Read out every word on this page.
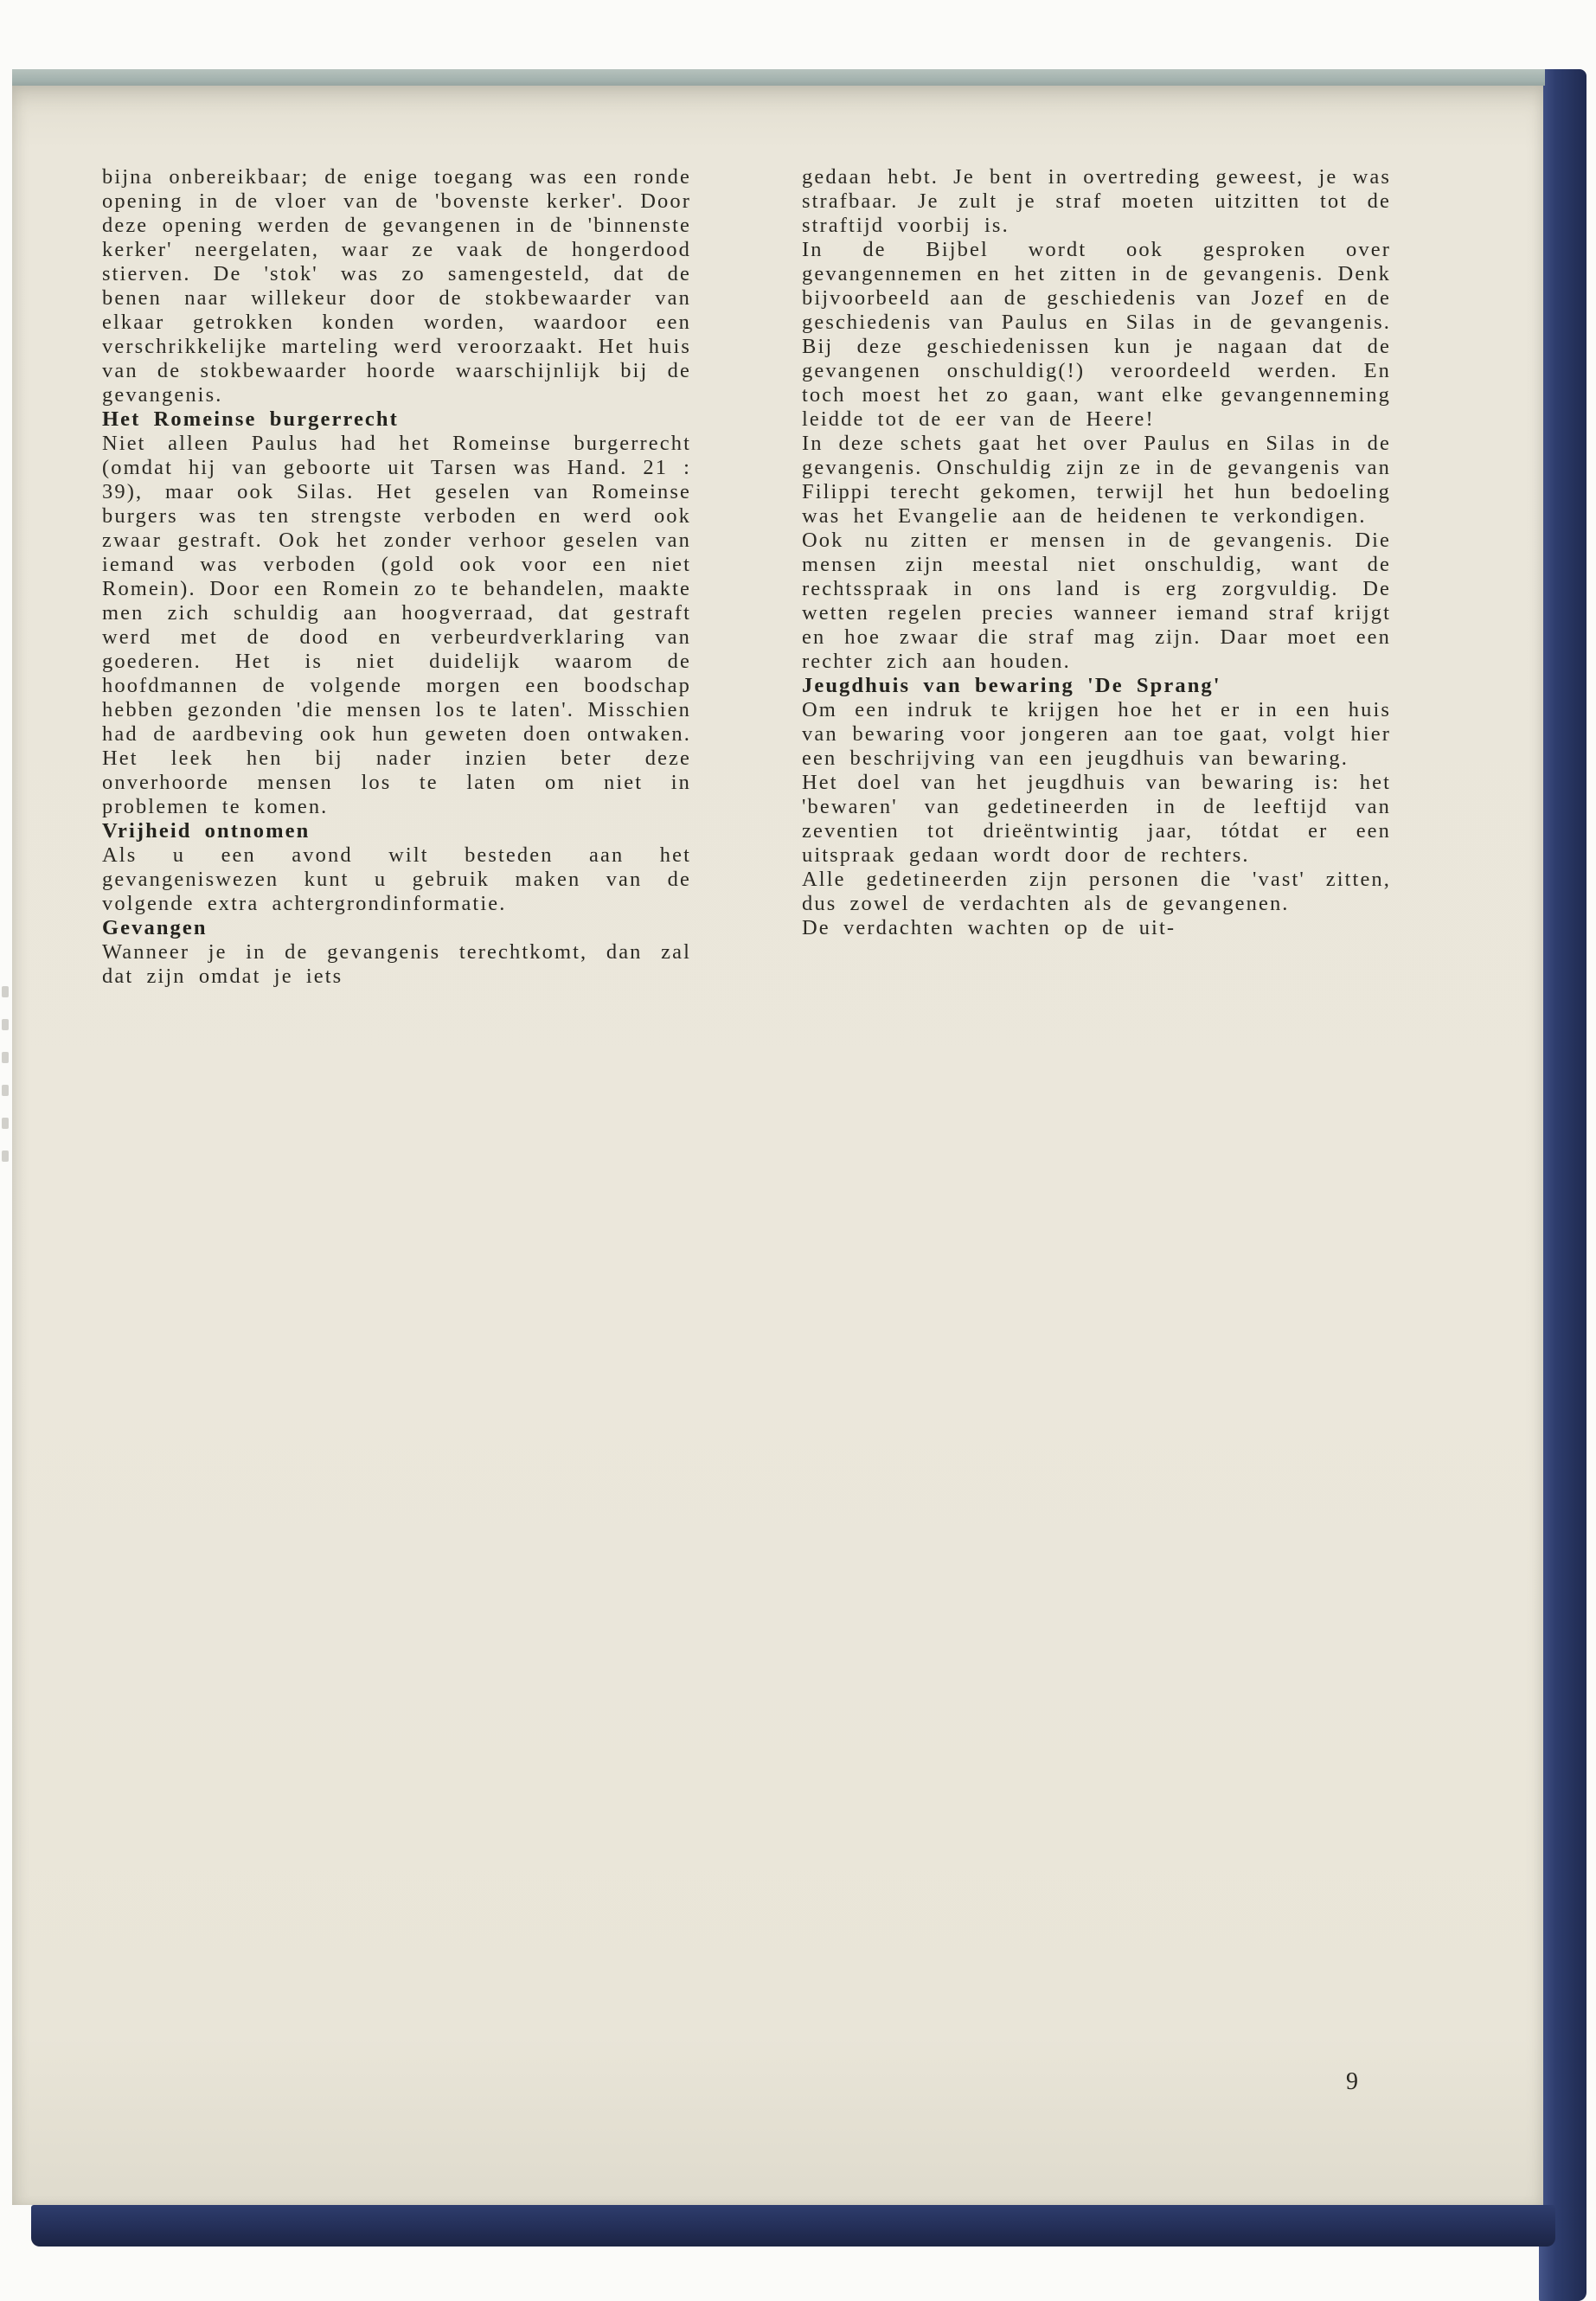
bijna onbereikbaar; de enige toegang was een ronde opening in de vloer van de 'bovenste kerker'. Door deze opening werden de gevangenen in de 'binnenste kerker' neergelaten, waar ze vaak de hongerdood stierven. De 'stok' was zo samengesteld, dat de benen naar willekeur door de stokbewaarder van elkaar getrokken konden worden, waardoor een verschrikkelijke marteling werd veroorzaakt. Het huis van de stokbewaarder hoorde waarschijnlijk bij de gevangenis.

Het Romeinse burgerrecht

Niet alleen Paulus had het Romeinse burgerrecht (omdat hij van geboorte uit Tarsen was Hand. 21 : 39), maar ook Silas. Het geselen van Romeinse burgers was ten strengste verboden en werd ook zwaar gestraft. Ook het zonder verhoor geselen van iemand was verboden (gold ook voor een niet Romein). Door een Romein zo te behandelen, maakte men zich schuldig aan hoogverraad, dat gestraft werd met de dood en verbeurdverklaring van goederen. Het is niet duidelijk waarom de hoofdmannen de volgende morgen een boodschap hebben gezonden 'die mensen los te laten'. Misschien had de aardbeving ook hun geweten doen ontwaken. Het leek hen bij nader inzien beter deze onverhoorde mensen los te laten om niet in problemen te komen.

Vrijheid ontnomen

Als u een avond wilt besteden aan het gevangeniswezen kunt u gebruik maken van de volgende extra achtergrondinformatie.

Gevangen

Wanneer je in de gevangenis terechtkomt, dan zal dat zijn omdat je iets

gedaan hebt. Je bent in overtreding geweest, je was strafbaar. Je zult je straf moeten uitzitten tot de straftijd voorbij is.

In de Bijbel wordt ook gesproken over gevangennemen en het zitten in de gevangenis. Denk bijvoorbeeld aan de geschiedenis van Jozef en de geschiedenis van Paulus en Silas in de gevangenis. Bij deze geschiedenissen kun je nagaan dat de gevangenen onschuldig(!) veroordeeld werden. En toch moest het zo gaan, want elke gevangenneming leidde tot de eer van de Heere!

In deze schets gaat het over Paulus en Silas in de gevangenis. Onschuldig zijn ze in de gevangenis van Filippi terecht gekomen, terwijl het hun bedoeling was het Evangelie aan de heidenen te verkondigen.

Ook nu zitten er mensen in de gevangenis. Die mensen zijn meestal niet onschuldig, want de rechtsspraak in ons land is erg zorgvuldig. De wetten regelen precies wanneer iemand straf krijgt en hoe zwaar die straf mag zijn. Daar moet een rechter zich aan houden.

Jeugdhuis van bewaring 'De Sprang'

Om een indruk te krijgen hoe het er in een huis van bewaring voor jongeren aan toe gaat, volgt hier een beschrijving van een jeugdhuis van bewaring.

Het doel van het jeugdhuis van bewaring is: het 'bewaren' van gedetineerden in de leeftijd van zeventien tot drieëntwintig jaar, tótdat er een uitspraak gedaan wordt door de rechters.

Alle gedetineerden zijn personen die 'vast' zitten, dus zowel de verdachten als de gevangenen.

De verdachten wachten op de uit-

9
